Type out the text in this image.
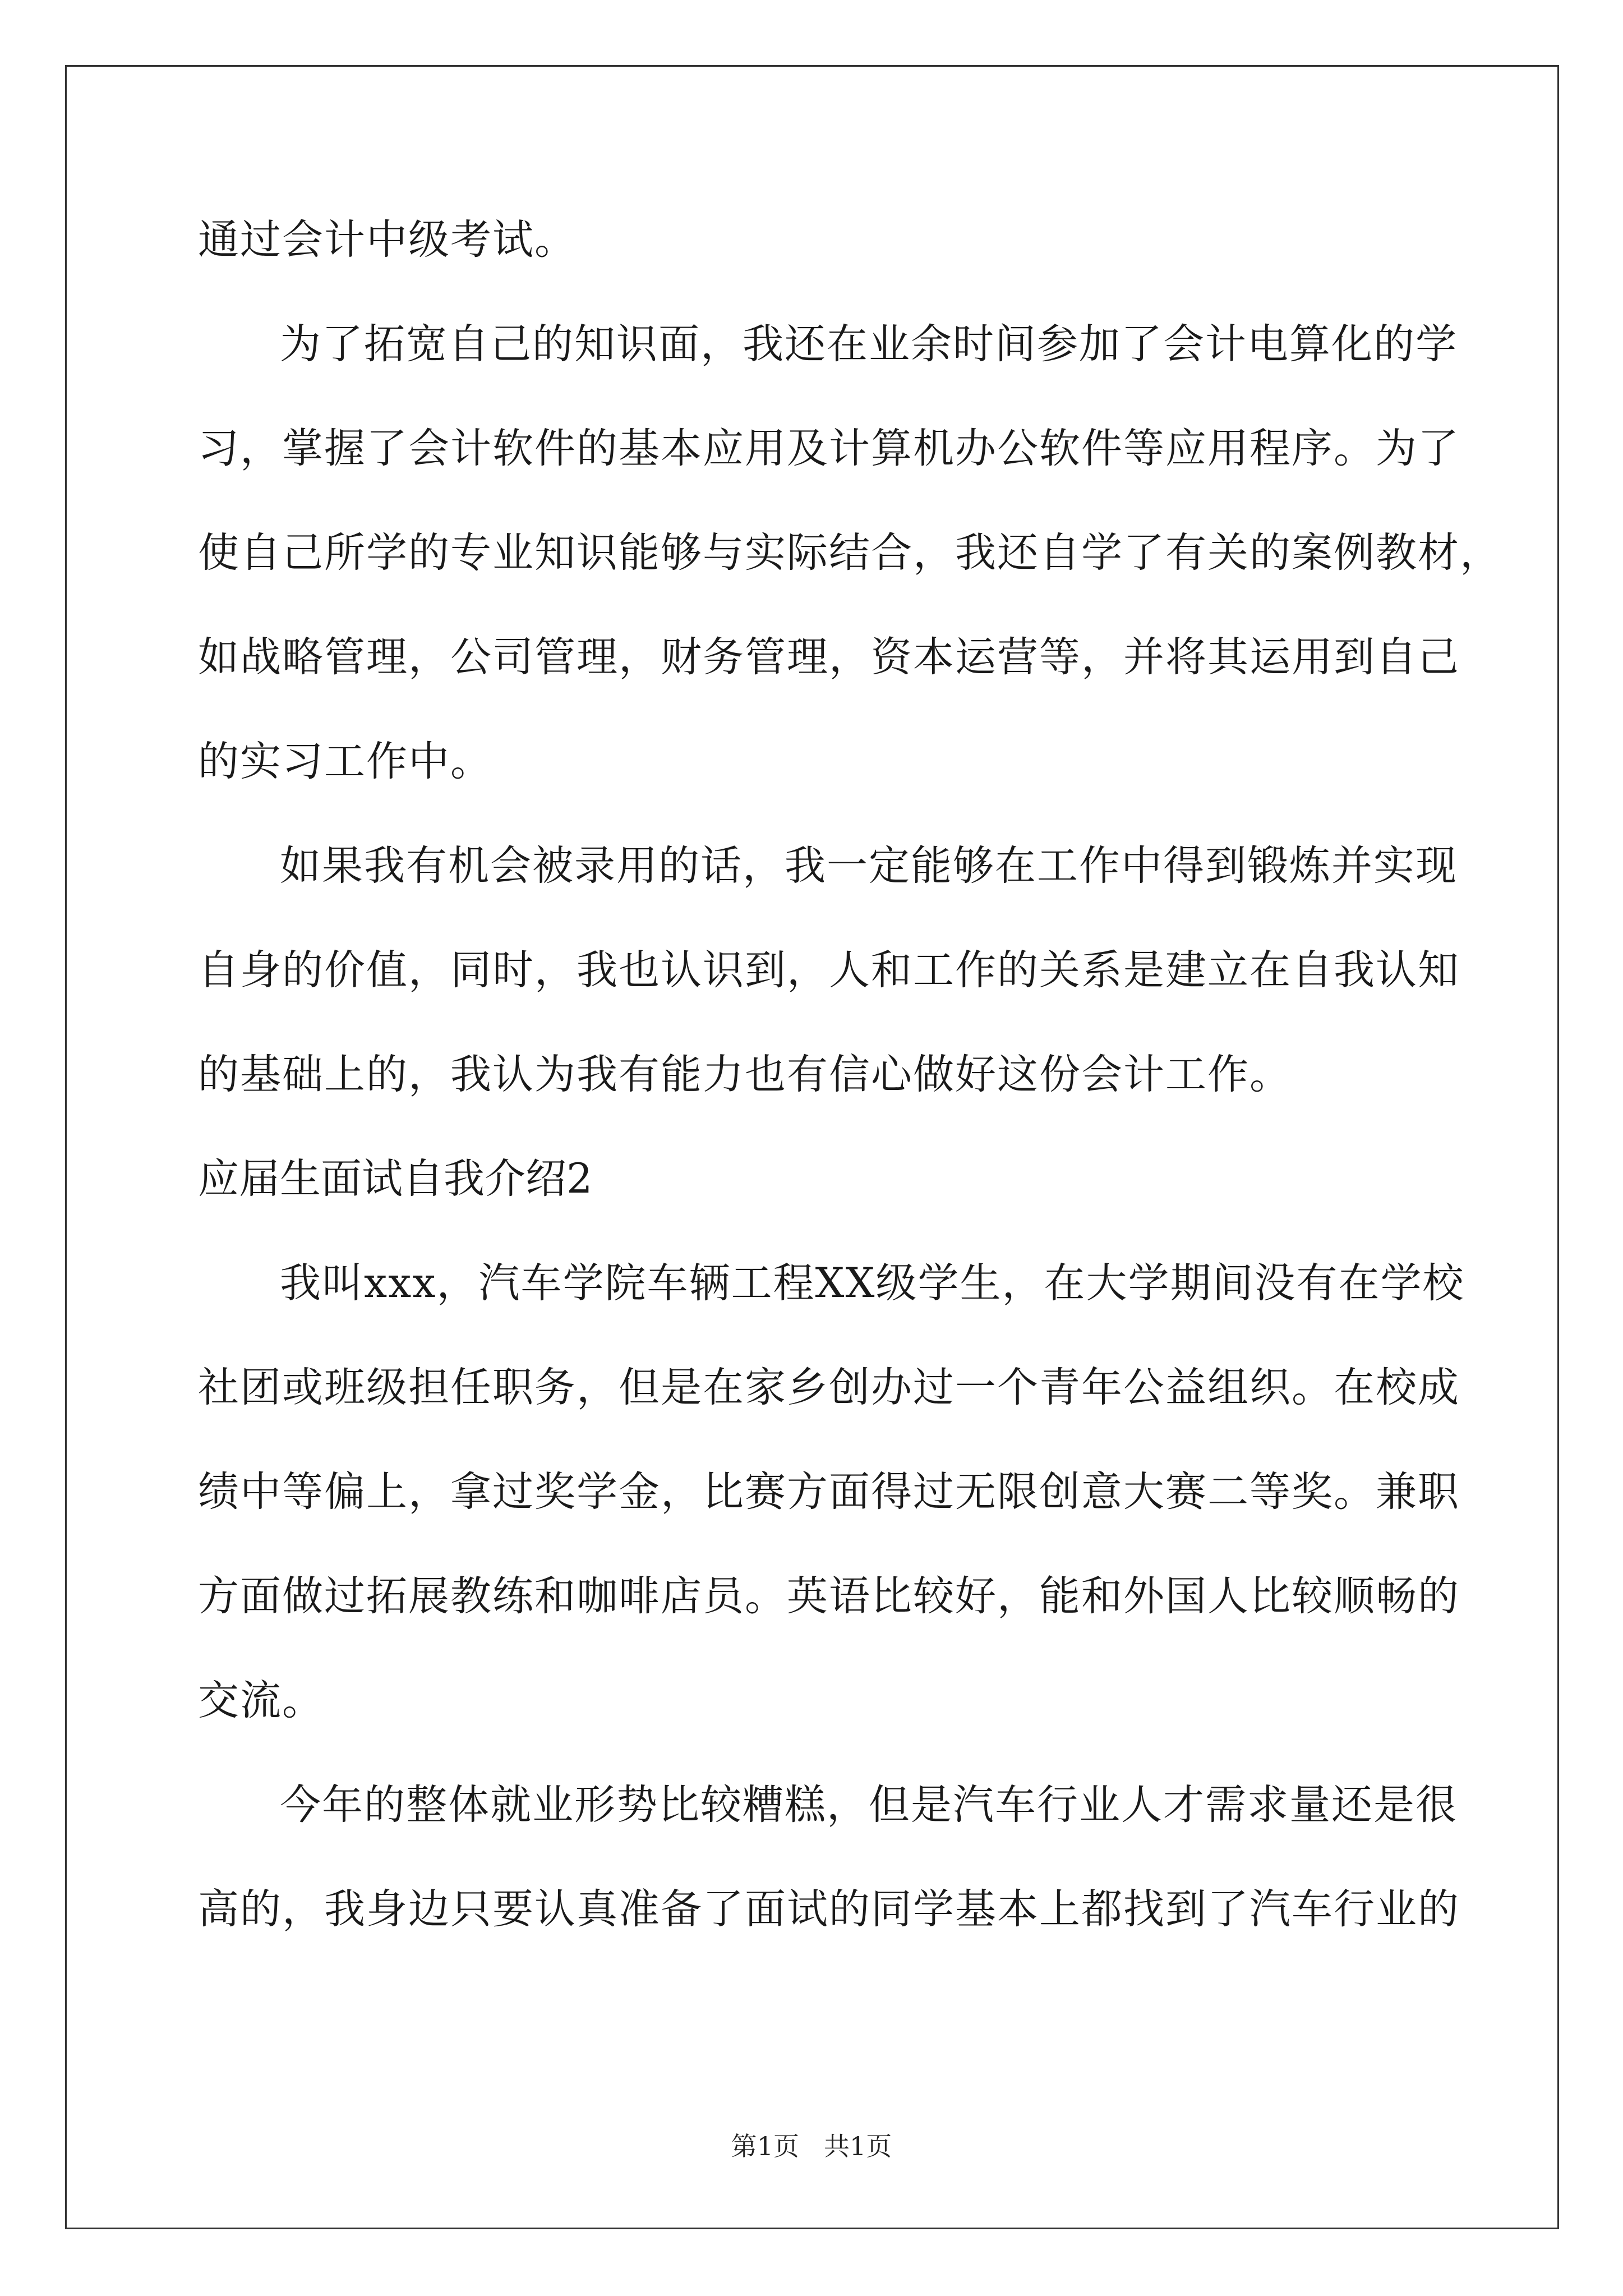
通过会计中级考试。
为了拓宽自己的知识面，我还在业余时间参加了会计电算化的学
习，掌握了会计软件的基本应用及计算机办公软件等应用程序。为了
使自己所学的专业知识能够与实际结合，我还自学了有关的案例教材，
如战略管理，公司管理，财务管理，资本运营等，并将其运用到自己
的实习工作中。
如果我有机会被录用的话，我一定能够在工作中得到锻炼并实现
自身的价值，同时，我也认识到，人和工作的关系是建立在自我认知
的基础上的，我认为我有能力也有信心做好这份会计工作。
应届生面试自我介绍2
我叫xxx，汽车学院车辆工程XX级学生，在大学期间没有在学校
社团或班级担任职务，但是在家乡创办过一个青年公益组织。在校成
绩中等偏上，拿过奖学金，比赛方面得过无限创意大赛二等奖。兼职
方面做过拓展教练和咖啡店员。英语比较好，能和外国人比较顺畅的
交流。
今年的整体就业形势比较糟糕，但是汽车行业人才需求量还是很
高的，我身边只要认真准备了面试的同学基本上都找到了汽车行业的
第1页 共1页
